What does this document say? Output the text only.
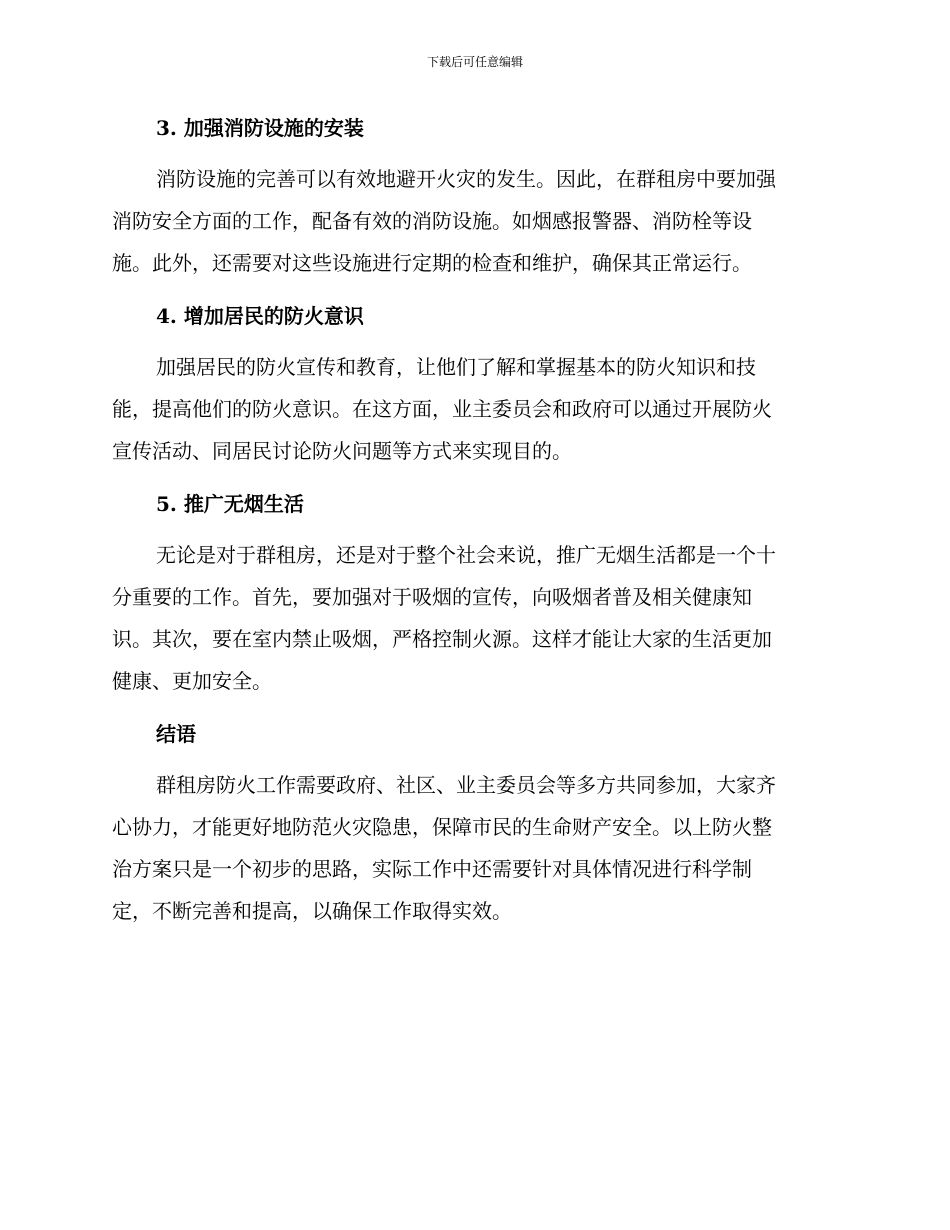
下载后可任意编辑
3. 加强消防设施的安装

消防设施的完善可以有效地避开火灾的发生。因此，在群租房中要加强
消防安全方面的工作，配备有效的消防设施。如烟感报警器、消防栓等设
施。此外，还需要对这些设施进行定期的检查和维护，确保其正常运行。

4. 增加居民的防火意识

加强居民的防火宣传和教育，让他们了解和掌握基本的防火知识和技
能，提高他们的防火意识。在这方面，业主委员会和政府可以通过开展防火
宣传活动、同居民讨论防火问题等方式来实现目的。

5. 推广无烟生活

无论是对于群租房，还是对于整个社会来说，推广无烟生活都是一个十
分重要的工作。首先，要加强对于吸烟的宣传，向吸烟者普及相关健康知
识。其次，要在室内禁止吸烟，严格控制火源。这样才能让大家的生活更加
健康、更加安全。

结语

群租房防火工作需要政府、社区、业主委员会等多方共同参加，大家齐
心协力，才能更好地防范火灾隐患，保障市民的生命财产安全。以上防火整
治方案只是一个初步的思路，实际工作中还需要针对具体情况进行科学制
定，不断完善和提高，以确保工作取得实效。
